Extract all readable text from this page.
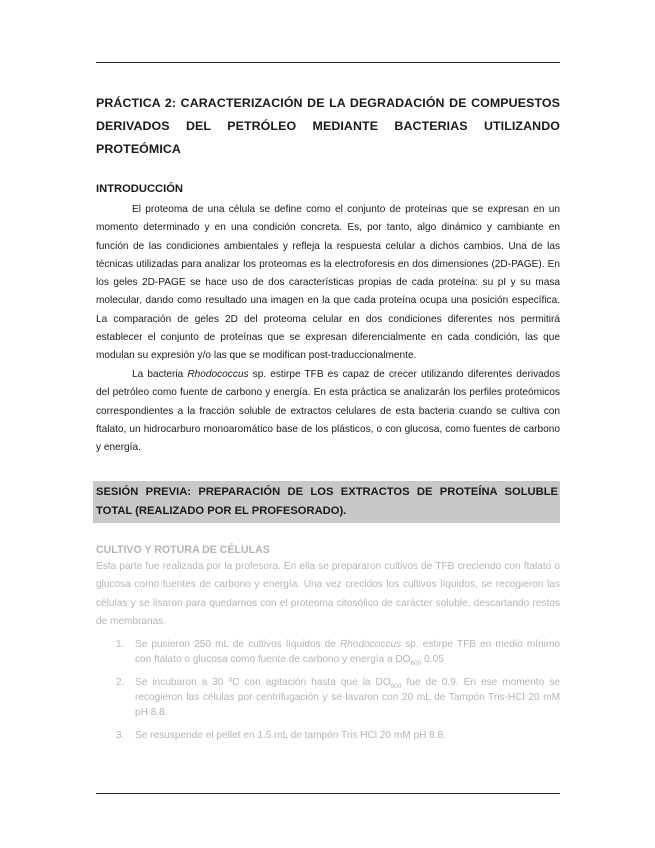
PRÁCTICA 2: CARACTERIZACIÓN DE LA DEGRADACIÓN DE COMPUESTOS DERIVADOS DEL PETRÓLEO MEDIANTE BACTERIAS UTILIZANDO PROTEÓMICA
INTRODUCCIÓN

El proteoma de una célula se define como el conjunto de proteínas que se expresan en un momento determinado y en una condición concreta. Es, por tanto, algo dinámico y cambiante en función de las condiciones ambientales y refleja la respuesta celular a dichos cambios. Una de las técnicas utilizadas para analizar los proteomas es la electroforesis en dos dimensiones (2D-PAGE). En los geles 2D-PAGE se hace uso de dos características propias de cada proteína: su pI y su masa molecular, dando como resultado una imagen en la que cada proteína ocupa una posición específica. La comparación de geles 2D del proteoma celular en dos condiciones diferentes nos permitirá establecer el conjunto de proteínas que se expresan diferencialmente en cada condición, las que modulan su expresión y/o las que se modifican post-traduccionalmente.

La bacteria Rhodococcus sp. estirpe TFB es capaz de crecer utilizando diferentes derivados del petróleo como fuente de carbono y energía. En esta práctica se analizarán los perfiles proteómicos correspondientes a la fracción soluble de extractos celulares de esta bacteria cuando se cultiva con ftalato, un hidrocarburo monoaromático base de los plásticos, o con glucosa, como fuentes de carbono y energía.

SESIÓN PREVIA: PREPARACIÓN DE LOS EXTRACTOS DE PROTEÍNA SOLUBLE TOTAL (REALIZADO POR EL PROFESORADO).
CULTIVO Y ROTURA DE CÉLULAS

Esta parte fue realizada por la profesora. En ella se prepararon cultivos de TFB creciendo con ftalato o glucosa como fuentes de carbono y energía. Una vez crecidos los cultivos líquidos, se recogieron las células y se lisaron para quedarnos con el proteoma citosólico de carácter soluble, descartando restos de membranas.

1. Se pusieron 250 mL de cultivos líquidos de Rhodococcus sp. estirpe TFB en medio mínimo con ftalato o glucosa como fuente de carbono y energía a $DO_{600}$ 0.05
2. Se incubaron a 30 ºC con agitación hasta que la $DO_{600}$ fue de 0.9. En ese momento se recogieron las células por centrifugación y se lavaron con 20 mL de Tampón Tris-HCl 20 mM pH 8.8.
3. Se resuspende el pellet en 1.5 mL de tampón Tris HCl 20 mM pH 8.8.
